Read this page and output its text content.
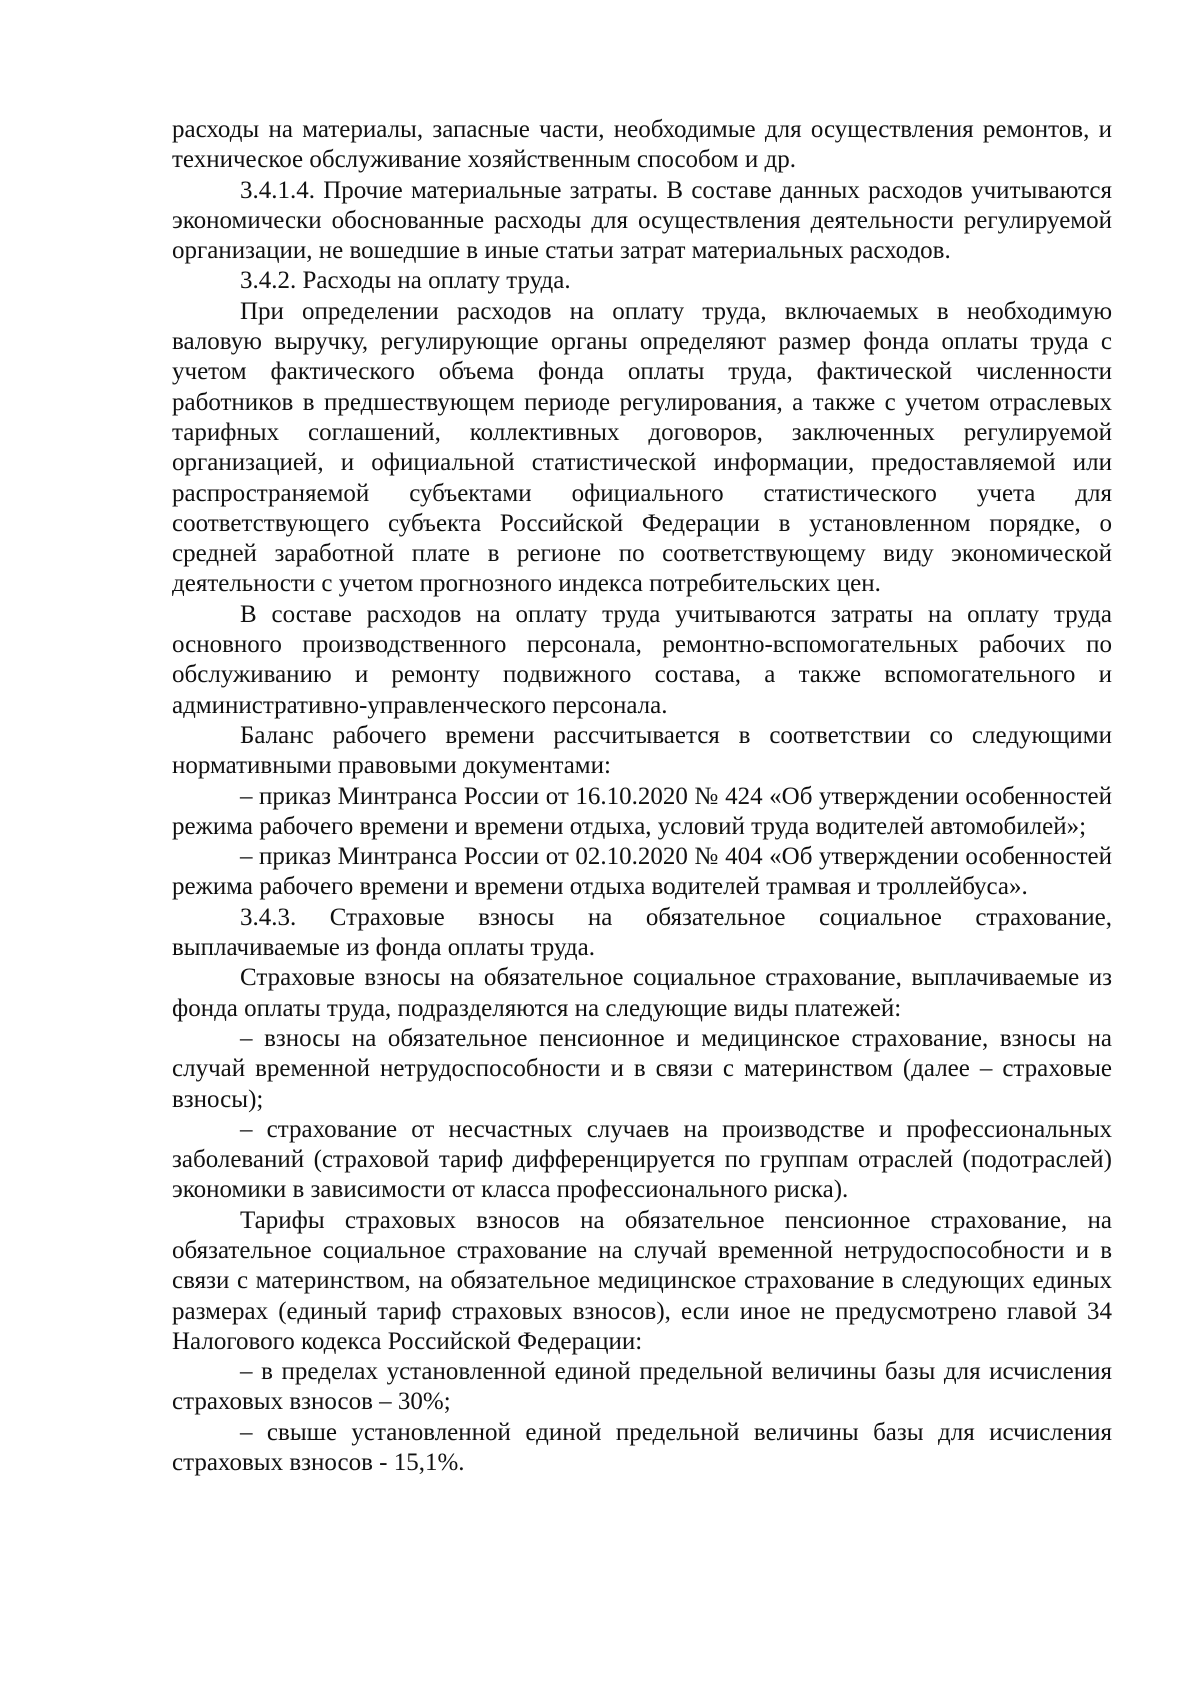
расходы на материалы, запасные части, необходимые для осуществления ремонтов, и техническое обслуживание хозяйственным способом и др.

3.4.1.4. Прочие материальные затраты. В составе данных расходов учитываются экономически обоснованные расходы для осуществления деятельности регулируемой организации, не вошедшие в иные статьи затрат материальных расходов.

3.4.2. Расходы на оплату труда.

При определении расходов на оплату труда, включаемых в необходимую валовую выручку, регулирующие органы определяют размер фонда оплаты труда с учетом фактического объема фонда оплаты труда, фактической численности работников в предшествующем периоде регулирования, а также с учетом отраслевых тарифных соглашений, коллективных договоров, заключенных регулируемой организацией, и официальной статистической информации, предоставляемой или распространяемой субъектами официального статистического учета для соответствующего субъекта Российской Федерации в установленном порядке, о средней заработной плате в регионе по соответствующему виду экономической деятельности с учетом прогнозного индекса потребительских цен.

В составе расходов на оплату труда учитываются затраты на оплату труда основного производственного персонала, ремонтно-вспомогательных рабочих по обслуживанию и ремонту подвижного состава, а также вспомогательного и административно-управленческого персонала.

Баланс рабочего времени рассчитывается в соответствии со следующими нормативными правовыми документами:

– приказ Минтранса России от 16.10.2020 № 424 «Об утверждении особенностей режима рабочего времени и времени отдыха, условий труда водителей автомобилей»;

– приказ Минтранса России от 02.10.2020 № 404 «Об утверждении особенностей режима рабочего времени и времени отдыха водителей трамвая и троллейбуса».

3.4.3. Страховые взносы на обязательное социальное страхование, выплачиваемые из фонда оплаты труда.

Страховые взносы на обязательное социальное страхование, выплачиваемые из фонда оплаты труда, подразделяются на следующие виды платежей:

– взносы на обязательное пенсионное и медицинское страхование, взносы на случай временной нетрудоспособности и в связи с материнством (далее – страховые взносы);

– страхование от несчастных случаев на производстве и профессиональных заболеваний (страховой тариф дифференцируется по группам отраслей (подотраслей) экономики в зависимости от класса профессионального риска).

Тарифы страховых взносов на обязательное пенсионное страхование, на обязательное социальное страхование на случай временной нетрудоспособности и в связи с материнством, на обязательное медицинское страхование в следующих единых размерах (единый тариф страховых взносов), если иное не предусмотрено главой 34 Налогового кодекса Российской Федерации:

– в пределах установленной единой предельной величины базы для исчисления страховых взносов – 30%;

– свыше установленной единой предельной величины базы для исчисления страховых взносов - 15,1%.
